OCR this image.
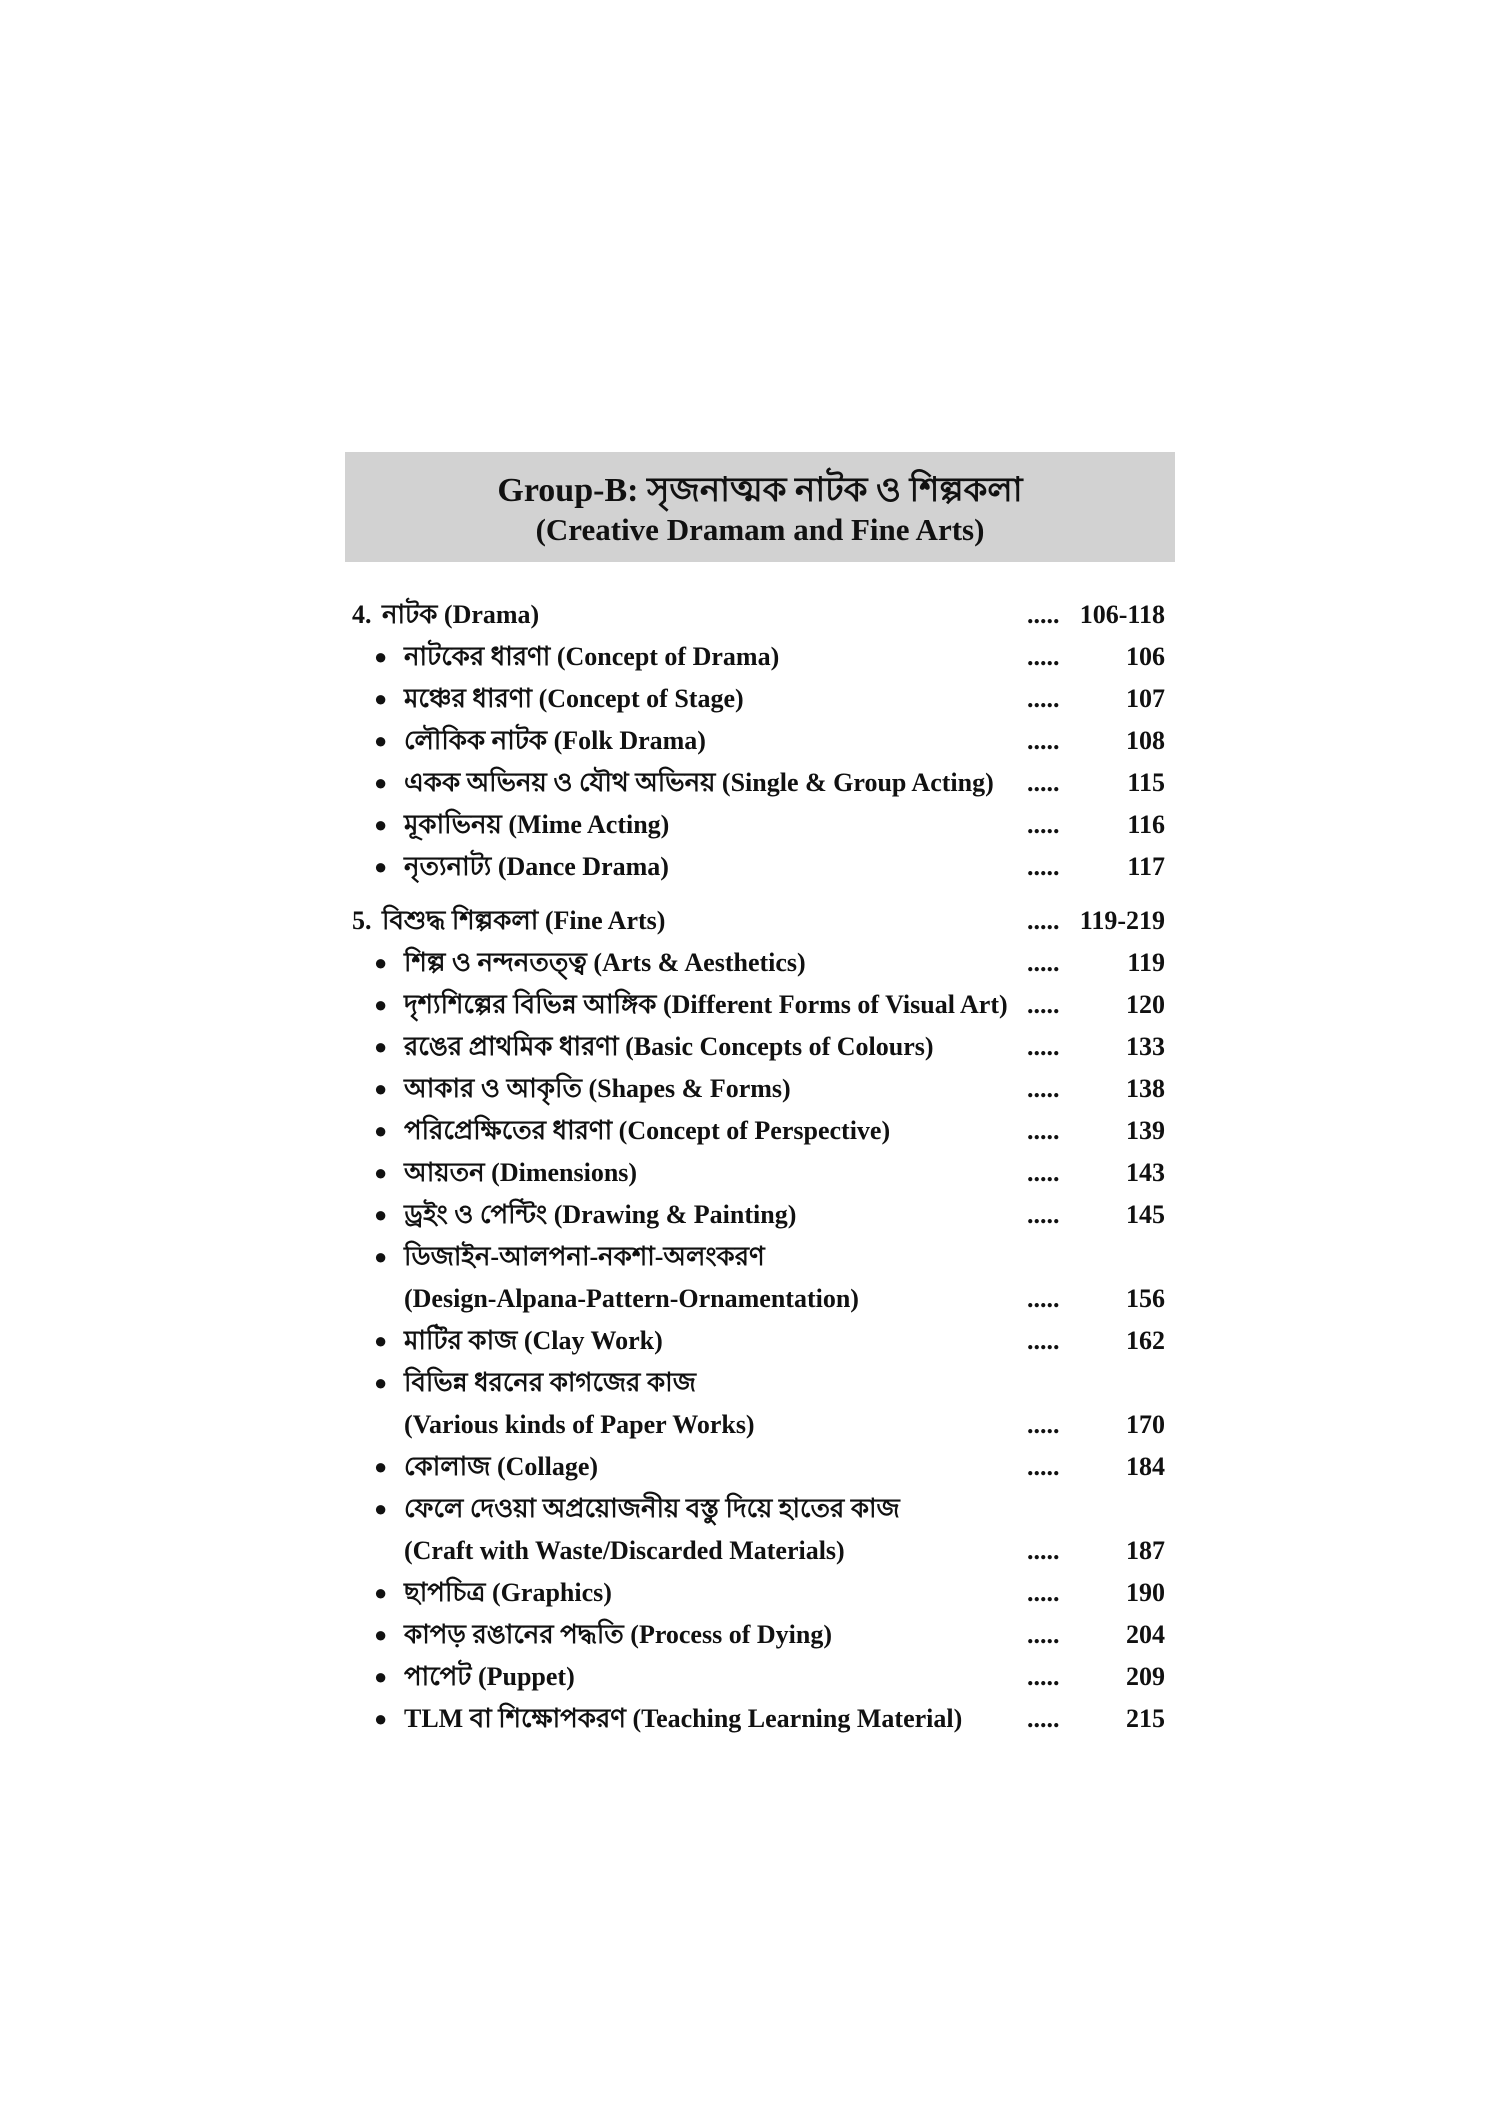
Group-B: সৃজনাত্মক নাটক ও শিল্পকলা
(Creative Dramam and Fine Arts)
4. নাটক (Drama)	..... 106-118
● নাটকের ধারণা (Concept of Drama)	.....	106
● মঞ্চের ধারণা (Concept of Stage)	.....	107
● লৌকিক নাটক (Folk Drama)	.....	108
● একক অভিনয় ও যৌথ অভিনয় (Single & Group Acting) .....	115
● মূকাভিনয় (Mime Acting)	.....	116
● নৃত্যনাট্য (Dance Drama)	.....	117
5. বিশুদ্ধ শিল্পকলা (Fine Arts)	..... 119-219
● শিল্প ও নন্দনতত্ত্ব (Arts & Aesthetics)	.....	119
● দৃশ্যশিল্পের বিভিন্ন আঙ্গিক (Different Forms of Visual Art) .....	120
● রঙের প্রাথমিক ধারণা (Basic Concepts of Colours)	.....	133
● আকার ও আকৃতি (Shapes & Forms)	.....	138
● পরিপ্রেক্ষিতের ধারণা (Concept of Perspective)	.....	139
● আয়তন (Dimensions)	.....	143
● ড্রইং ও পেন্টিং (Drawing & Painting)	.....	145
● ডিজাইন-আলপনা-নকশা-অলংকরণ
(Design-Alpana-Pattern-Ornamentation)	.....	156
● মাটির কাজ (Clay Work)	.....	162
● বিভিন্ন ধরনের কাগজের কাজ
(Various kinds of Paper Works)	.....	170
● কোলাজ (Collage)	.....	184
● ফেলে দেওয়া অপ্রয়োজনীয় বস্তু দিয়ে হাতের কাজ
(Craft with Waste/Discarded Materials)	.....	187
● ছাপচিত্র (Graphics)	.....	190
● কাপড় রঙানের পদ্ধতি (Process of Dying)	.....	204
● পাপেট (Puppet)	.....	209
● TLM বা শিক্ষোপকরণ (Teaching Learning Material) .....	215
